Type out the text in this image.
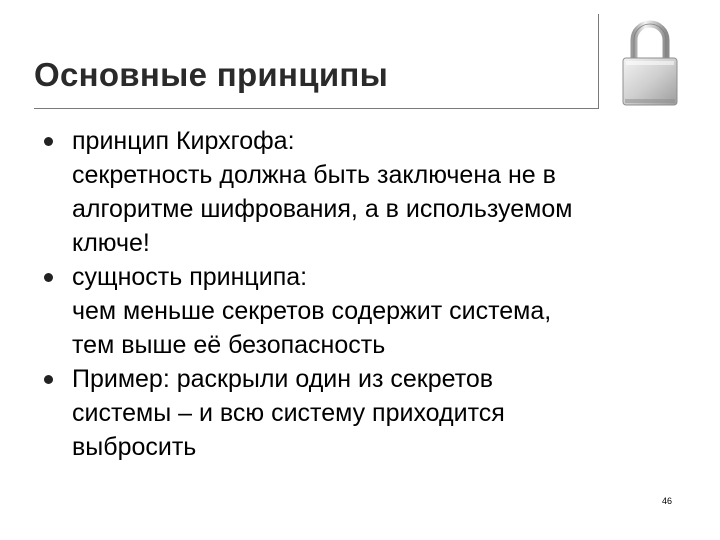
Основные принципы
принцип Кирхгофа:
секретность должна быть заключена не в
алгоритме шифрования, а в используемом
ключе!
сущность принципа:
чем меньше секретов содержит система,
тем выше её безопасность
Пример: раскрыли один из секретов
системы – и всю систему приходится
выбросить
46
